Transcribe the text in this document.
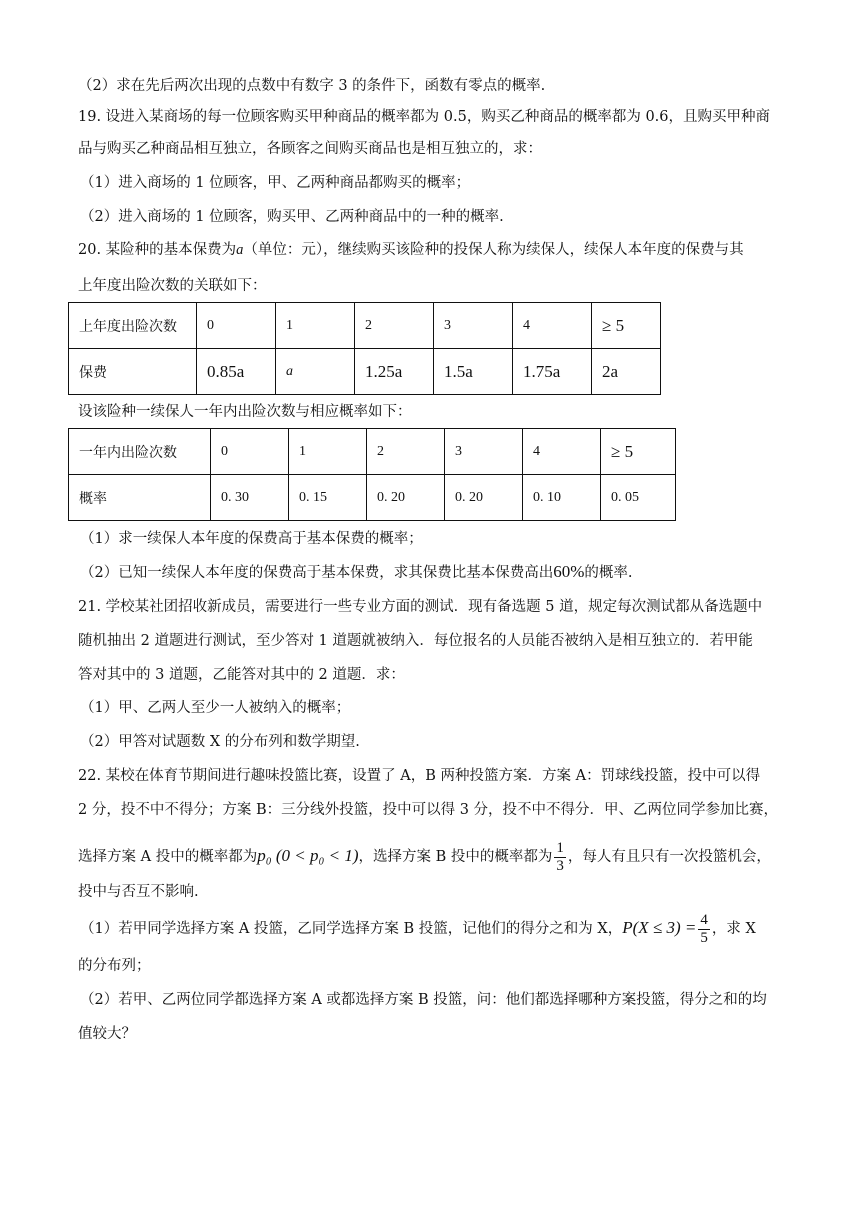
（2）求在先后两次出现的点数中有数字 3 的条件下，函数有零点的概率.
19. 设进入某商场的每一位顾客购买甲种商品的概率都为 0.5，购买乙种商品的概率都为 0.6，且购买甲种商
品与购买乙种商品相互独立，各顾客之间购买商品也是相互独立的，求：
（1）进入商场的 1 位顾客，甲、乙两种商品都购买的概率；
（2）进入商场的 1 位顾客，购买甲、乙两种商品中的一种的概率.
20. 某险种的基本保费为a（单位：元），继续购买该险种的投保人称为续保人，续保人本年度的保费与其
上年度出险次数的关联如下：
上年度出险次数	0	1	2	3	4	≥ 5
保费	0.85a	a	1.25a	1.5a	1.75a	2a
设该险种一续保人一年内出险次数与相应概率如下：
一年内出险次数	0	1	2	3	4	≥ 5
概率	0. 30	0. 15	0. 20	0. 20	0. 10	0. 05
（1）求一续保人本年度的保费高于基本保费的概率；
（2）已知一续保人本年度的保费高于基本保费，求其保费比基本保费高出60%的概率.
21. 学校某社团招收新成员，需要进行一些专业方面的测试．现有备选题 5 道，规定每次测试都从备选题中
随机抽出 2 道题进行测试，至少答对 1 道题就被纳入．每位报名的人员能否被纳入是相互独立的．若甲能
答对其中的 3 道题，乙能答对其中的 2 道题．求：
（1）甲、乙两人至少一人被纳入的概率；
（2）甲答对试题数 X 的分布列和数学期望.
22. 某校在体育节期间进行趣味投篮比赛，设置了 A，B 两种投篮方案．方案 A：罚球线投篮，投中可以得
2 分，投不中不得分；方案 B：三分线外投篮，投中可以得 3 分，投不中不得分．甲、乙两位同学参加比赛，
选择方案 A 投中的概率都为p₀ (0 < p₀ < 1)，选择方案 B 投中的概率都为 $\frac{1}{3}$ ，每人有且只有一次投篮机会，
投中与否互不影响.
（1）若甲同学选择方案 A 投篮，乙同学选择方案 B 投篮，记他们的得分之和为 X，$P(X \le 3) = \frac{4}{5}$ ，求 X
的分布列；
（2）若甲、乙两位同学都选择方案 A 或都选择方案 B 投篮，问：他们都选择哪种方案投篮，得分之和的均
值较大？
